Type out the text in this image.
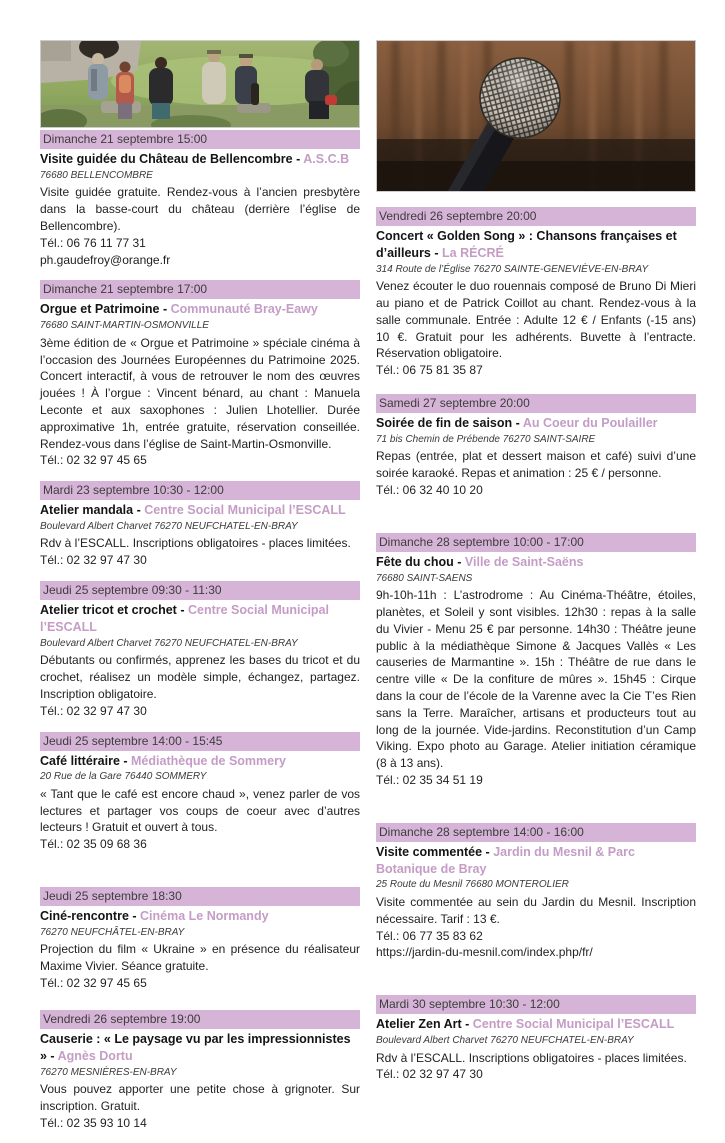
Dimanche 21 septembre 15:00
Visite guidée du Château de Bellencombre - A.S.C.B
76680 BELLENCOMBRE

Visite guidée gratuite. Rendez-vous à l’ancien presbytère dans la basse-court du château (derrière l’église de Bellencombre).

Tél.: 06 76 11 77 31
ph.gaudefroy@orange.fr
Dimanche 21 septembre 17:00
Orgue et Patrimoine - Communauté Bray-Eawy
76680 SAINT-MARTIN-OSMONVILLE

3ème édition de « Orgue et Patrimoine » spéciale cinéma à l’occasion des Journées Européennes du Patrimoine 2025. Concert interactif, à vous de retrouver le nom des œuvres jouées ! À l’orgue : Vincent bénard, au chant : Manuela Leconte et aux saxophones : Julien Lhotellier. Durée approximative 1h, entrée gratuite, réservation conseillée. Rendez-vous dans l’église de Saint-Martin-Osmonville.

Tél.: 02 32 97 45 65
Mardi 23 septembre 10:30 - 12:00
Atelier mandala - Centre Social Municipal l’ESCALL
Boulevard Albert Charvet 76270 NEUFCHATEL-EN-BRAY

Rdv à l’ESCALL. Inscriptions obligatoires - places limitées.

Tél.: 02 32 97 47 30
Jeudi 25 septembre 09:30 - 11:30
Atelier tricot et crochet - Centre Social Municipal l’ESCALL
Boulevard Albert Charvet 76270 NEUFCHATEL-EN-BRAY

Débutants ou confirmés, apprenez les bases du tricot et du crochet, réalisez un modèle simple, échangez, partagez. Inscription obligatoire.

Tél.: 02 32 97 47 30
Jeudi 25 septembre 14:00 - 15:45
Café littéraire - Médiathèque de Sommery
20 Rue de la Gare 76440 SOMMERY

« Tant que le café est encore chaud », venez parler de vos lectures et partager vos coups de coeur avec d’autres lecteurs ! Gratuit et ouvert à tous.

Tél.: 02 35 09 68 36
Jeudi 25 septembre 18:30
Ciné-rencontre - Cinéma Le Normandy
76270 NEUFCHÂTEL-EN-BRAY

Projection du film « Ukraine » en présence du réalisateur Maxime Vivier. Séance gratuite.

Tél.: 02 32 97 45 65
Vendredi 26 septembre 19:00
Causerie : « Le paysage vu par les impressionnistes » - Agnès Dortu
76270 MESNIÈRES-EN-BRAY

Vous pouvez apporter une petite chose à grignoter. Sur inscription. Gratuit.

Tél.: 02 35 93 10 14
Vendredi 26 septembre 20:00
Concert « Golden Song » : Chansons françaises et d’ailleurs - La RÉCRÉ
314 Route de l’Église 76270 SAINTE-GENEVIÈVE-EN-BRAY

Venez écouter le duo rouennais composé de Bruno Di Mieri au piano et de Patrick Coillot au chant. Rendez-vous à la salle communale. Entrée : Adulte 12 € / Enfants (-15 ans) 10 €. Gratuit pour les adhérents. Buvette à l’entracte. Réservation obligatoire.

Tél.: 06 75 81 35 87
Samedi 27 septembre 20:00
Soirée de fin de saison - Au Coeur du Poulailler
71 bis Chemin de Prébende 76270 SAINT-SAIRE

Repas (entrée, plat et dessert maison et café) suivi d’une soirée karaoké. Repas et animation : 25 € / personne.

Tél.: 06 32 40 10 20
Dimanche 28 septembre 10:00 - 17:00
Fête du chou - Ville de Saint-Saëns
76680 SAINT-SAENS

9h-10h-11h : L’astrodrome : Au Cinéma-Théâtre, étoiles, planètes, et Soleil y sont visibles. 12h30 : repas à la salle du Vivier - Menu 25 € par personne. 14h30 : Théâtre jeune public à la médiathèque Simone & Jacques Vallès « Les causeries de Marmantine ». 15h : Théâtre de rue dans le centre ville « De la confiture de mûres ». 15h45 : Cirque dans la cour de l’école de la Varenne avec la Cie T’es Rien sans la Terre. Maraîcher, artisans et producteurs tout au long de la journée. Vide-jardins. Reconstitution d’un Camp Viking. Expo photo au Garage. Atelier initiation céramique (8 à 13 ans).

Tél.: 02 35 34 51 19
Dimanche 28 septembre 14:00 - 16:00
Visite commentée - Jardin du Mesnil & Parc Botanique de Bray
25 Route du Mesnil 76680 MONTEROLIER

Visite commentée au sein du Jardin du Mesnil. Inscription nécessaire. Tarif : 13 €.

Tél.: 06 77 35 83 62
https://jardin-du-mesnil.com/index.php/fr/
Mardi 30 septembre 10:30 - 12:00
Atelier Zen Art - Centre Social Municipal l’ESCALL
Boulevard Albert Charvet 76270 NEUFCHATEL-EN-BRAY

Rdv à l’ESCALL. Inscriptions obligatoires - places limitées.

Tél.: 02 32 97 47 30
